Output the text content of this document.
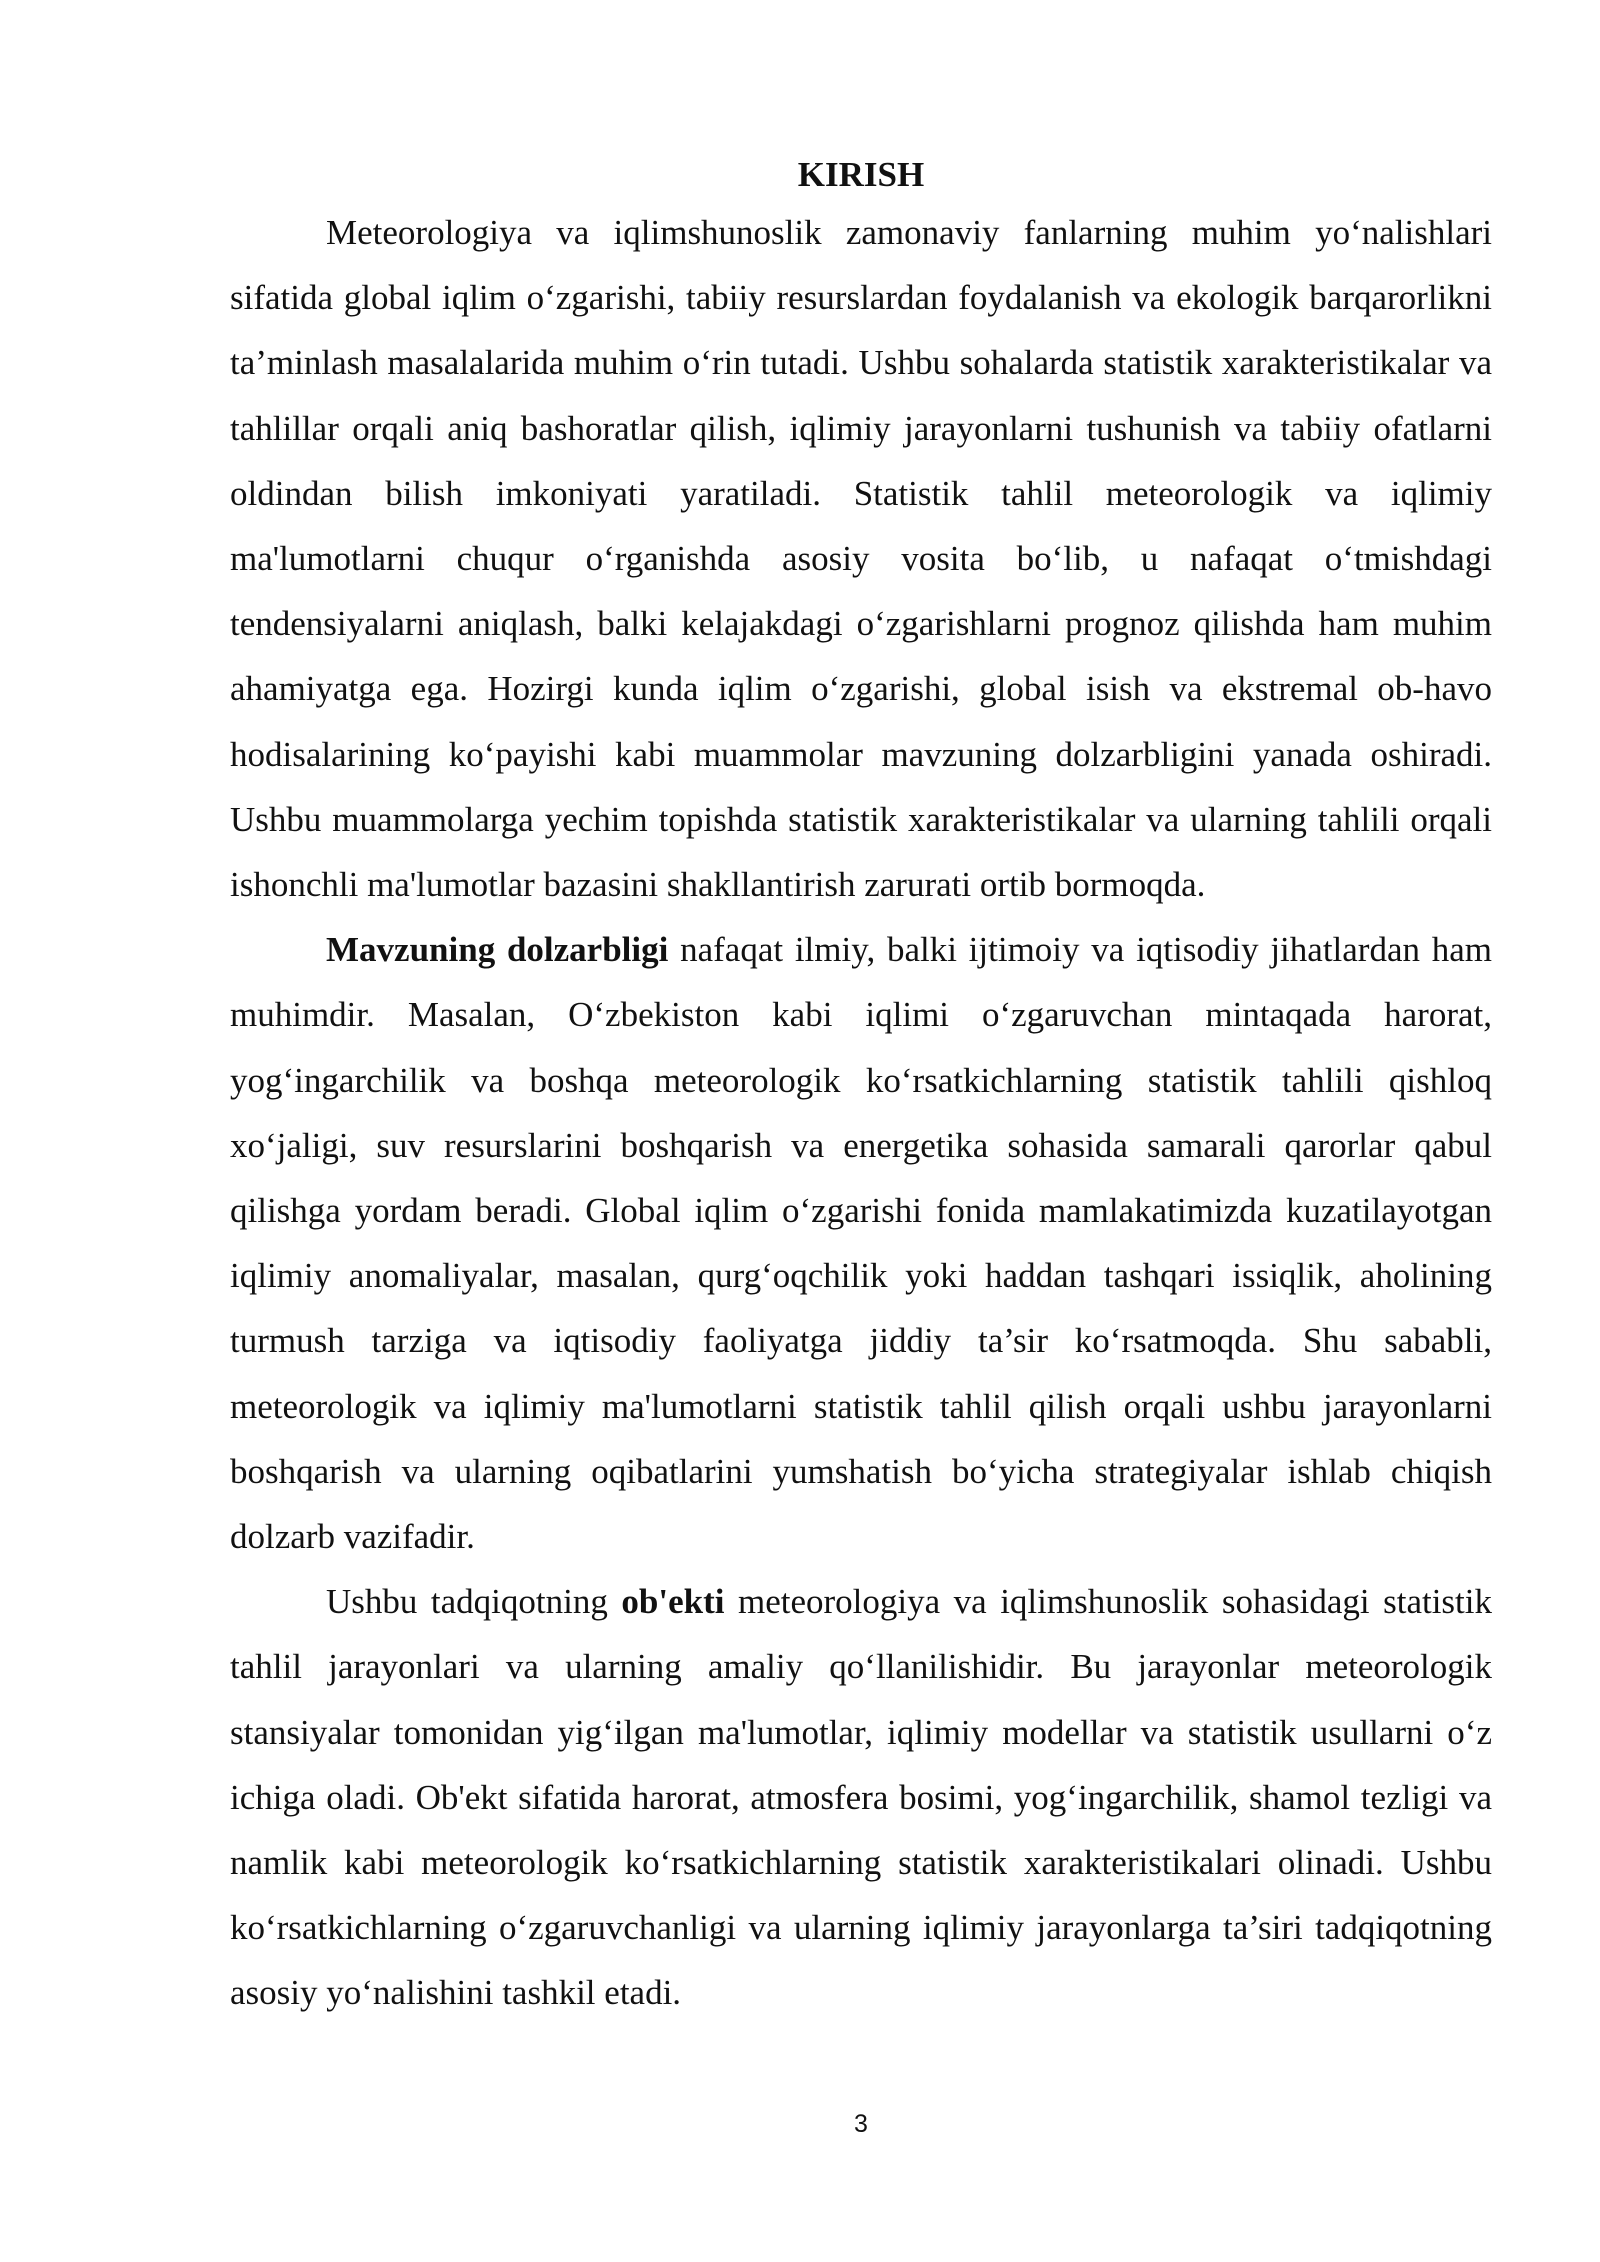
KIRISH

Meteorologiya va iqlimshunoslik zamonaviy fanlarning muhim yo‘nalishlari sifatida global iqlim o‘zgarishi, tabiiy resurslardan foydalanish va ekologik barqarorlikni ta’minlash masalalarida muhim o‘rin tutadi. Ushbu sohalarda statistik xarakteristikalar va tahlillar orqali aniq bashoratlar qilish, iqlimiy jarayonlarni tushunish va tabiiy ofatlarni oldindan bilish imkoniyati yaratiladi. Statistik tahlil meteorologik va iqlimiy ma'lumotlarni chuqur o‘rganishda asosiy vosita bo‘lib, u nafaqat o‘tmishdagi tendensiyalarni aniqlash, balki kelajakdagi o‘zgarishlarni prognoz qilishda ham muhim ahamiyatga ega. Hozirgi kunda iqlim o‘zgarishi, global isish va ekstremal ob-havo hodisalarining ko‘payishi kabi muammolar mavzuning dolzarbligini yanada oshiradi. Ushbu muammolarga yechim topishda statistik xarakteristikalar va ularning tahlili orqali ishonchli ma'lumotlar bazasini shakllantirish zarurati ortib bormoqda.

Mavzuning dolzarbligi nafaqat ilmiy, balki ijtimoiy va iqtisodiy jihatlardan ham muhimdir. Masalan, O‘zbekiston kabi iqlimi o‘zgaruvchan mintaqada harorat, yog‘ingarchilik va boshqa meteorologik ko‘rsatkichlarning statistik tahlili qishloq xo‘jaligi, suv resurslarini boshqarish va energetika sohasida samarali qarorlar qabul qilishga yordam beradi. Global iqlim o‘zgarishi fonida mamlakatimizda kuzatilayotgan iqlimiy anomaliyalar, masalan, qurg‘oqchilik yoki haddan tashqari issiqlik, aholining turmush tarziga va iqtisodiy faoliyatga jiddiy ta’sir ko‘rsatmoqda. Shu sababli, meteorologik va iqlimiy ma'lumotlarni statistik tahlil qilish orqali ushbu jarayonlarni boshqarish va ularning oqibatlarini yumshatish bo‘yicha strategiyalar ishlab chiqish dolzarb vazifadir.

Ushbu tadqiqotning ob'ekti meteorologiya va iqlimshunoslik sohasidagi statistik tahlil jarayonlari va ularning amaliy qo‘llanilishidir. Bu jarayonlar meteorologik stansiyalar tomonidan yig‘ilgan ma'lumotlar, iqlimiy modellar va statistik usullarni o‘z ichiga oladi. Ob'ekt sifatida harorat, atmosfera bosimi, yog‘ingarchilik, shamol tezligi va namlik kabi meteorologik ko‘rsatkichlarning statistik xarakteristikalari olinadi. Ushbu ko‘rsatkichlarning o‘zgaruvchanligi va ularning iqlimiy jarayonlarga ta’siri tadqiqotning asosiy yo‘nalishini tashkil etadi.

3
